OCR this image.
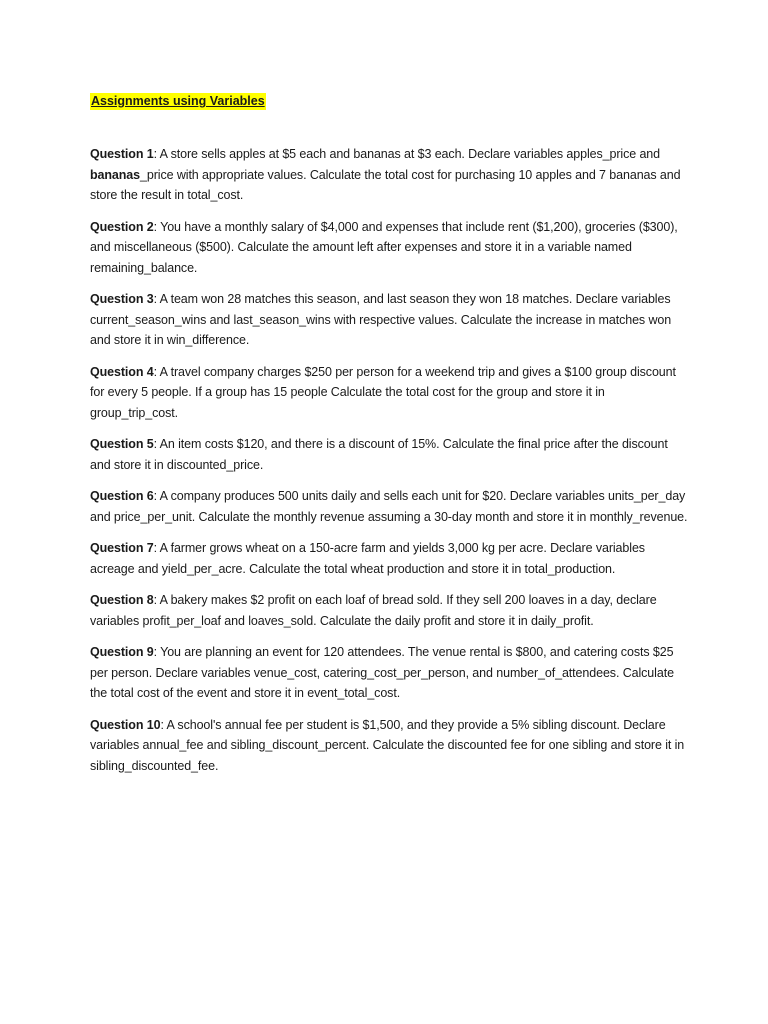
Assignments using Variables

Question 1: A store sells apples at $5 each and bananas at $3 each. Declare variables apples_price and bananas_price with appropriate values. Calculate the total cost for purchasing 10 apples and 7 bananas and store the result in total_cost.

Question 2: You have a monthly salary of $4,000 and expenses that include rent ($1,200), groceries ($300), and miscellaneous ($500). Calculate the amount left after expenses and store it in a variable named remaining_balance.

Question 3: A team won 28 matches this season, and last season they won 18 matches. Declare variables current_season_wins and last_season_wins with respective values. Calculate the increase in matches won and store it in win_difference.

Question 4: A travel company charges $250 per person for a weekend trip and gives a $100 group discount for every 5 people. If a group has 15 people Calculate the total cost for the group and store it in group_trip_cost.

Question 5: An item costs $120, and there is a discount of 15%. Calculate the final price after the discount and store it in discounted_price.

Question 6: A company produces 500 units daily and sells each unit for $20. Declare variables units_per_day and price_per_unit. Calculate the monthly revenue assuming a 30-day month and store it in monthly_revenue.

Question 7: A farmer grows wheat on a 150-acre farm and yields 3,000 kg per acre. Declare variables acreage and yield_per_acre. Calculate the total wheat production and store it in total_production.

Question 8: A bakery makes $2 profit on each loaf of bread sold. If they sell 200 loaves in a day, declare variables profit_per_loaf and loaves_sold. Calculate the daily profit and store it in daily_profit.

Question 9: You are planning an event for 120 attendees. The venue rental is $800, and catering costs $25 per person. Declare variables venue_cost, catering_cost_per_person, and number_of_attendees. Calculate the total cost of the event and store it in event_total_cost.

Question 10: A school's annual fee per student is $1,500, and they provide a 5% sibling discount. Declare variables annual_fee and sibling_discount_percent. Calculate the discounted fee for one sibling and store it in sibling_discounted_fee.
